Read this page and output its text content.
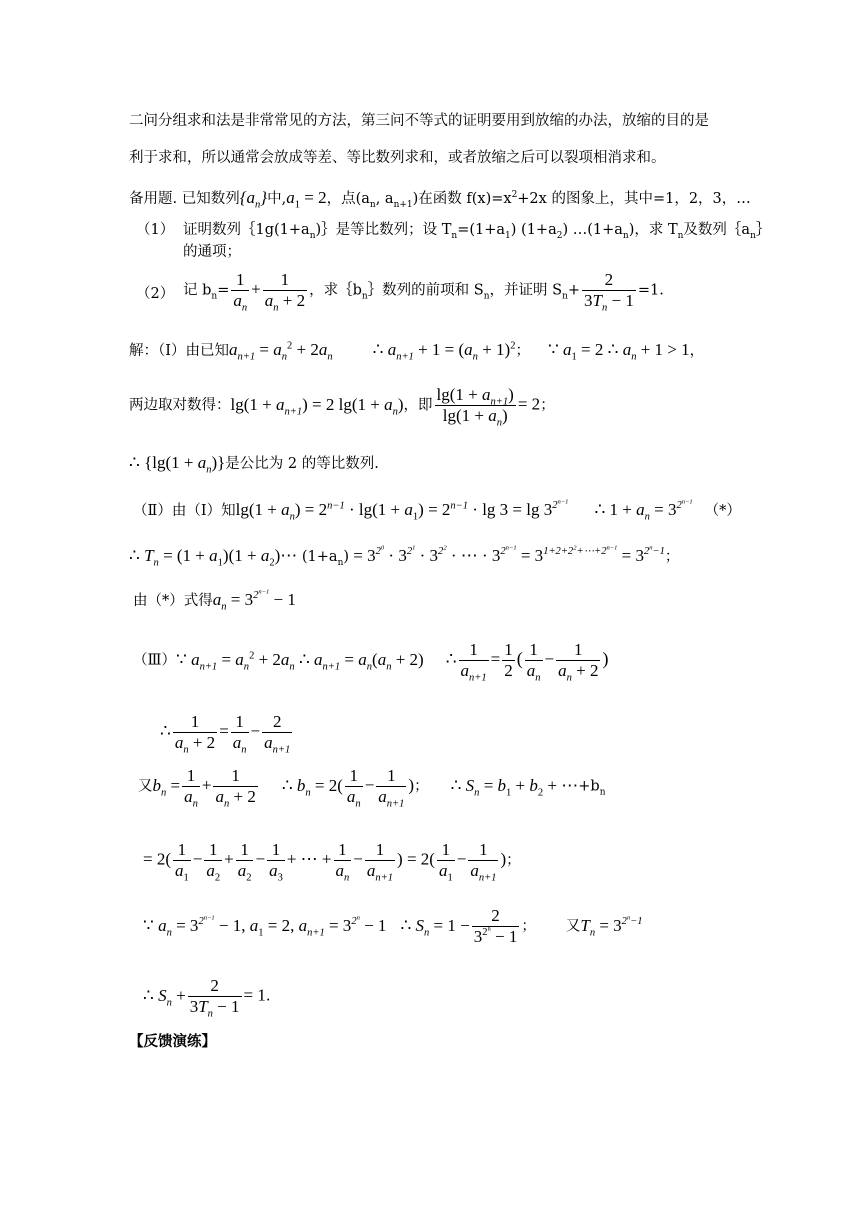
二问分组求和法是非常常见的方法，第三问不等式的证明要用到放缩的办法，放缩的目的是
利于求和，所以通常会放成等差、等比数列求和，或者放缩之后可以裂项相消求和。
备用题. 已知数列$\{a_n\}$中$,a_1 = 2$，点($a_n$, $a_{n+1}$)在函数 $f(x)=x^2+2x$ 的图象上，其中=1，2，3，…
（1） 证明数列$\{1g(1+a_n)\}$是等比数列；设 $T_n=(1+a_1)$ $(1+a_2)$ $\dots(1+a_n)$，求 $T_n$及数列$\{a_n\}$
的通项；
（2） 记 $b_n= \frac{1}{a_n} + \frac{1}{a_n + 2}$ ，求$\{b_n\}$数列的前项和 $S_n$，并证明 $S_n+ \frac{2}{3T_n - 1} =1$.
解：（Ⅰ）由已知$a_{n+1} = a_n^2 + 2a_n$ ∴ $a_{n+1} + 1 = (a_n + 1)^2$； ∵ $a_1 = 2$ ∴ $a_n + 1 > 1$，
两边取对数得：$\lg(1 + a_{n+1}) = 2$ $\lg(1 + a_n)$，即 $\frac{\lg(1 + a_{n+1})}{\lg(1 + a_n)} = 2$；
∴ $\{\lg(1 + a_n)\}$是公比为 2 的等比数列.
（Ⅱ）由（Ⅰ）知$\lg(1 + a_n) = 2^{n-1} \cdot \lg(1 + a_1) = 2^{n-1} \cdot \lg 3 = \lg 3^{2^{n-1}}$ ∴ $1 + a_n = 3^{2^{n-1}}(*)$
∴ $T_n = (1 + a_1)(1$ + $a_2)\cdots$ $(1+a_n) = 3^{2^0} \cdot 3^{2^1} \cdot 3^{2^2}$ · ⋯ · $3^{2^{n-1}} = 3^{1+2+2^2+\cdots+2^{n-1}} = 3^{2^n-1}$；
由（*）式得$a_n = 3^{2^{n-1}} - 1$
（Ⅲ）∵ $a_{n+1} = a_n^2 + 2a_n$ ∴ $a_{n+1} = a_n(a_n + 2)$ ∴ $\frac{1}{a_{n+1}} = \frac{1}{2}$ ( $\frac{1}{a_n} - \frac{1}{a_n + 2}$ )
∴ $\frac{1}{a_n + 2} = \frac{1}{a_n} - \frac{2}{a_{n+1}}$
又$b_n = \frac{1}{a_n} + \frac{1}{a_n + 2}$ ∴ $b_n = 2( \frac{1}{a_n} - \frac{1}{a_{n+1}}$ )； ∴ $S_n = b_1 + b_2$ + $\cdots+b_n$
= $2( \frac{1}{a_1} - \frac{1}{a_2} + \frac{1}{a_2} - \frac{1}{a_3}$ + ⋯ + $\frac{1}{a_n} - \frac{1}{a_{n+1}}$ ) = $2( \frac{1}{a_1} - \frac{1}{a_{n+1}}$ )；
∵ $a_n = 3^{2^{n-1}} - 1$, $a_1 = 2$, $a_{n+1} = 3^{2^n} - 1$ ∴ $S_n = 1 - \frac{2}{3^{2^n} - 1}$ ； 又$T_n = 3^{2^n-1}$
∴ $S_n + \frac{2}{3T_n - 1} = 1$.
【反馈演练】
